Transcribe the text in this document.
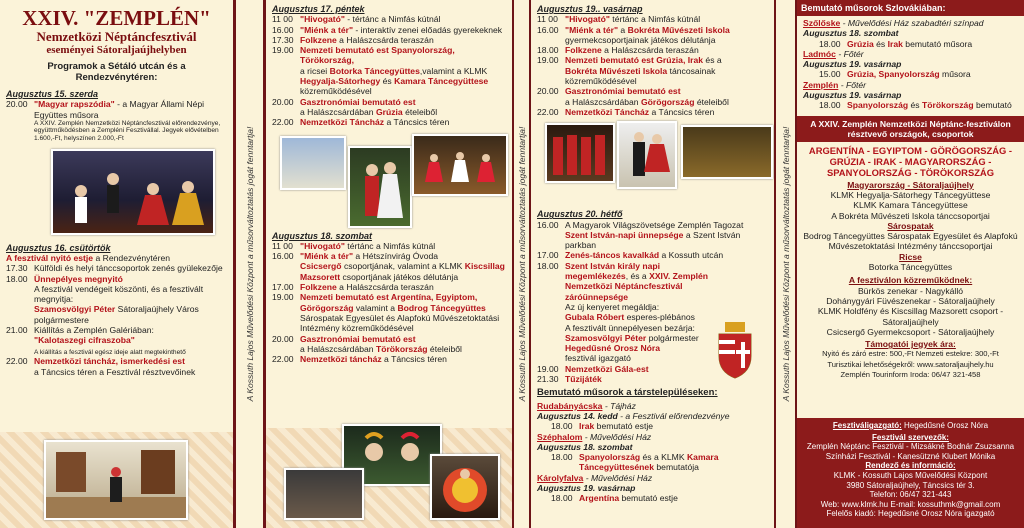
XXIV. "ZEMPLÉN"
Nemzetközi Néptáncfesztivál
eseményei Sátoraljaújhelyben
Programok a Sétáló utcán és a Rendezvénytéren:
Augusztus 15. szerda
20.00 "Magyar rapszódia" - a Magyar Állami Népi Együttes műsora
A XXIV. Zemplén Nemzetközi Néptáncfesztivál előrendezvénye, együttműködésben a Zempléni Fesztivállal. Jegyek elővételben 1.600,-Ft, helyszínen 2.000,-Ft
Augusztus 16. csütörtök
A fesztivál nyitó estje a Rendezvénytéren
17.30 Külföldi és helyi tánccsoportok zenés gyülekezője
18.00 Ünnepélyes megnyitó
A fesztivál vendégeit köszönti, és a fesztivált megnyitja:
Szamosvölgyi Péter Sátoraljaújhely Város polgármestere
21.00 Kiállítás a Zemplén Galériában:
"Kalotaszegi cifraszoba"
A kiállítás a fesztivál egész ideje alatt megtekinthető
22.00 Nemzetközi táncház, ismerkedési est
a Táncsics téren a Fesztivál résztvevőinek	A Kossuth Lajos Művelődési Központ a műsorváltoztatás jogát fenntartja!
Augusztus 17. péntek
11 00 "Hivogató" - tértánc a Nimfás kútnál
16.00 "Miénk a tér" - interaktív zenei előadás gyerekeknek
17.30 Folkzene a Halászcsárda teraszán
19.00 Nemzeti bemutató est Spanyolország, Törökország,
a ricsei Botorka Táncegyüttes,valamint a KLMK Hegyalja-Sátorhegy és Kamara Táncegyüttese közreműködésével
20.00 Gasztronómiai bemutató est
a Halászcsárdában Grúzia ételeiből
22.00 Nemzetközi Táncház a Táncsics téren
Augusztus 18. szombat
11 00 "Hivogató" tértánc a Nimfás kútnál
16.00 "Miénk a tér" a Hétszínvirág Óvoda
Csicsergő csoportjának, valamint a KLMK Kiscsillag Mazsorett csoportjának játékos délutánja
17.00 Folkzene a Halászcsárda teraszán
19.00 Nemzeti bemutató est Argentína, Egyiptom, Görögország valamint a Bodrog Táncegyüttes Sárospatak Egyesület és Alapfokú Művészetoktatási Intézmény közreműködésével
20.00 Gasztronómiai bemutató est
a Halászcsárdában Törökország ételeiből
22.00 Nemzetközi táncház a Táncsics téren	A Kossuth Lajos Művelődési Központ a műsorváltoztatás jogát fenntartja!
Augusztus 19.. vasárnap
11 00 "Hivogató" tértánc a Nimfás kútnál
16.00 "Miénk a tér" a Bokréta Művészeti Iskola gyermekcsoportjainak játékos délutánja
18.00 Folkzene a Halászcsárda teraszán
19.00 Nemzeti bemutató est Grúzia, Irak és a
Bokréta Művészeti Iskola táncosainak közreműködésével
20.00 Gasztronómiai bemutató est
a Halászcsárdában Görögország ételeiből
22.00 Nemzetközi Táncház a Táncsics téren
Augusztus 20. hétfő
16.00 A Magyarok Világszövetsége Zemplén Tagozat Szent István-napi ünnepsége a Szent István parkban
17.00 Zenés-táncos kavalkád a Kossuth utcán
18.00 Szent István király napi megemlékezés, és a XXIV. Zemplén Nemzetközi Néptáncfesztivál záróünnepsége
Az új kenyeret megáldja:
Gubala Róbert esperes-plébános
A fesztivált ünnepélyesen bezárja:
Szamosvölgyi Péter polgármester
Hegedűsné Orosz Nóra
fesztivál igazgató
19.00 Nemzetközi Gála-est
21.30 Tűzijáték
Bemutató műsorok a társtelepüléseken:
Rudabányácska - Tájház
Augusztus 14. kedd - a Fesztivál előrendezvénye
18.00 Irak bemutató estje
Széphalom - Művelődési Ház
Augusztus 18. szombat
18.00 Spanyolország és a KLMK Kamara Táncegyüttesének bemutatója
Károlyfalva - Művelődési Ház
Augusztus 19. vasárnap
18.00 Argentína bemutató estje
A Kossuth Lajos Művelődési Központ a műsorváltoztatás jogát fenntartja!
Bemutató műsorok Szlovákiában:
Szőlőske - Művelődési Ház szabadtéri színpad
Augusztus 18. szombat
18.00 Grúzia és Irak bemutató műsora
Ladmóc - Főtér
Augusztus 19. vasárnap
15.00 Grúzia, Spanyolország műsora
Zemplén - Főtér
Augusztus 19. vasárnap
18.00 Spanyolország és Törökország bemutató
A XXIV. Zemplén Nemzetközi Néptánc-fesztiválon résztvevő országok, csoportok
ARGENTÍNA - EGYIPTOM - GÖRÖGORSZÁG - GRÚZIA - IRAK - MAGYARORSZÁG - SPANYOLORSZÁG - TÖRÖKORSZÁG
Magyarország - Sátoraljaújhely
KLMK Hegyalja-Sátorhegy Táncegyüttese
KLMK Kamara Táncegyüttese
A Bokréta Művészeti Iskola tánccsoportjai
Sárospatak
Bodrog Táncegyüttes Sárospatak Egyesület és Alapfokú Művészetoktatási Intézmény tánccsoportjai
Ricse
Botorka Táncegyüttes
A fesztiválon közreműködnek:
Bürkös zenekar - Nagykálló
Dohánygyári Füvészenekar - Sátoraljaújhely
KLMK Holdfény és Kiscsillag Mazsorett csoport - Sátoraljaújhely
Csicsergő Gyermekcsoport - Sátoraljaújhely
Támogatói jegyek ára:
Nyitó és záró estre: 500,-Ft Nemzeti estekre: 300,-Ft
Turisztikai lehetőségekről: www.satoraljaujhely.hu
Zemplén Tourinform Iroda: 06/47 321-458
Fesztiváligazgató: Hegedűsné Orosz Nóra
Fesztivál szervezők:
Zemplén Néptánc Fesztivál - Mizsákné Bodnár Zsuzsanna
Színházi Fesztivál - Kanesützné Klubert Mónika
Rendező és információ:
KLMK - Kossuth Lajos Művelődési Központ
3980 Sátoraljaújhely, Táncsics tér 3.
Telefon: 06/47 321-443
Web: www.klmk.hu E-mail: kossuthmk@gmail.com
Felelős kiadó: Hegedűsné Orosz Nóra igazgató
